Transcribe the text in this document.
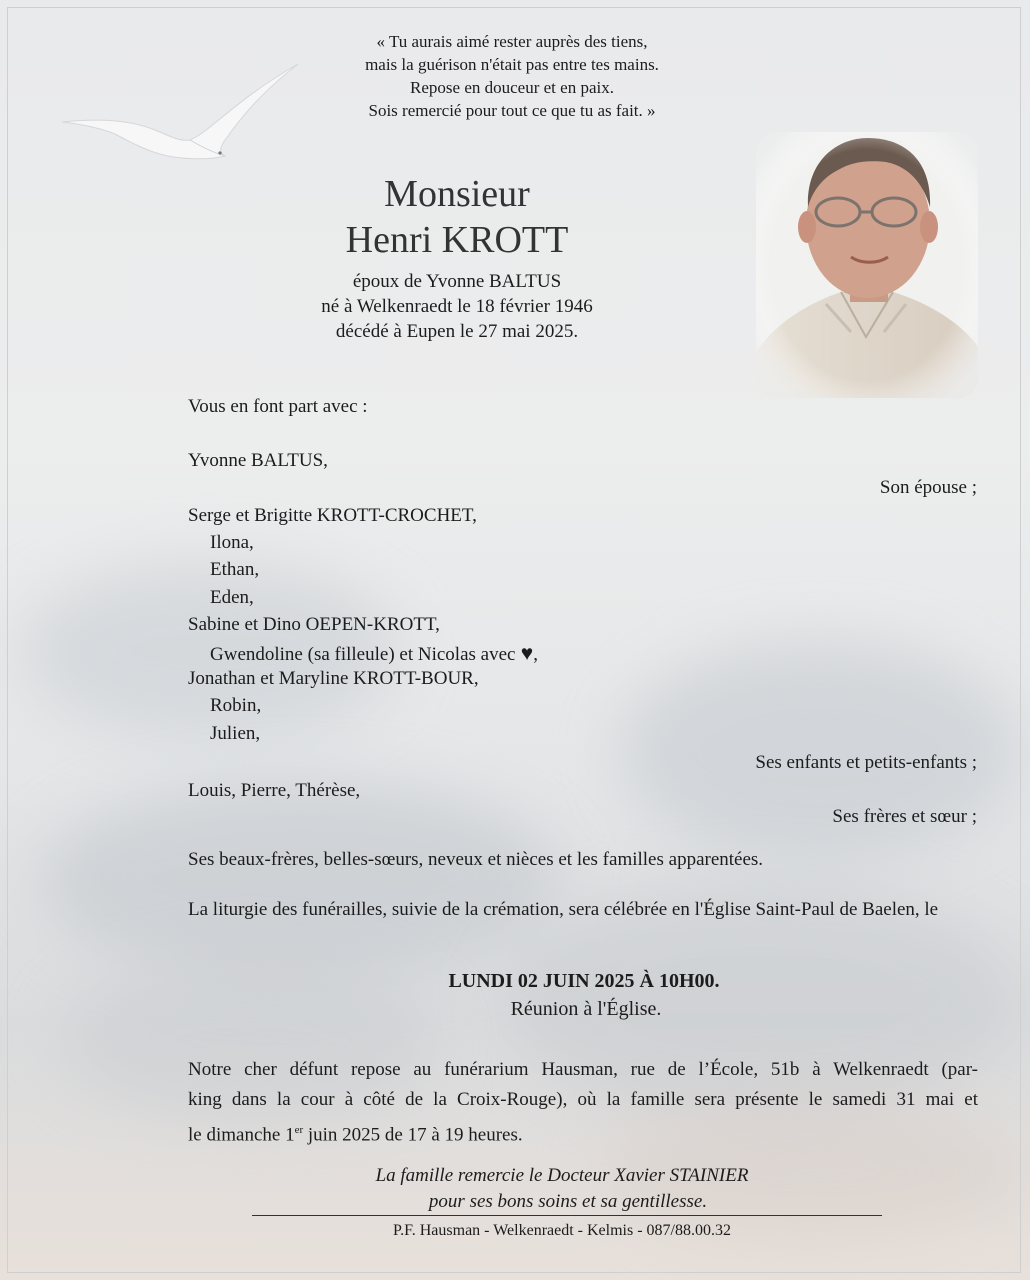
« Tu aurais aimé rester auprès des tiens,
mais la guérison n'était pas entre tes mains.
Repose en douceur et en paix.
Sois remercié pour tout ce que tu as fait. »
Monsieur
Henri KROTT
époux de Yvonne BALTUS
né à Welkenraedt le 18 février 1946
décédé à Eupen le 27 mai 2025.
Vous en font part avec :
Yvonne BALTUS,
Son épouse ;
Serge et Brigitte KROTT-CROCHET,
Ilona,
Ethan,
Eden,
Sabine et Dino OEPEN-KROTT,
Gwendoline (sa filleule) et Nicolas avec ♥,
Jonathan et Maryline KROTT-BOUR,
Robin,
Julien,
Ses enfants et petits-enfants ;
Louis, Pierre, Thérèse,
Ses frères et sœur ;
Ses beaux-frères, belles-sœurs, neveux et nièces et les familles apparentées.
La liturgie des funérailles, suivie de la crémation, sera célébrée en l'Église Saint-Paul de Baelen, le
LUNDI 02 JUIN 2025 À 10H00.
Réunion à l'Église.
Notre cher défunt repose au funérarium Hausman, rue de l’École, 51b à Welkenraedt (par-
king dans la cour à côté de la Croix-Rouge), où la famille sera présente le samedi 31 mai et
le dimanche 1er juin 2025 de 17 à 19 heures.
La famille remercie le Docteur Xavier STAINIER
pour ses bons soins et sa gentillesse.
P.F. Hausman - Welkenraedt - Kelmis - 087/88.00.32
